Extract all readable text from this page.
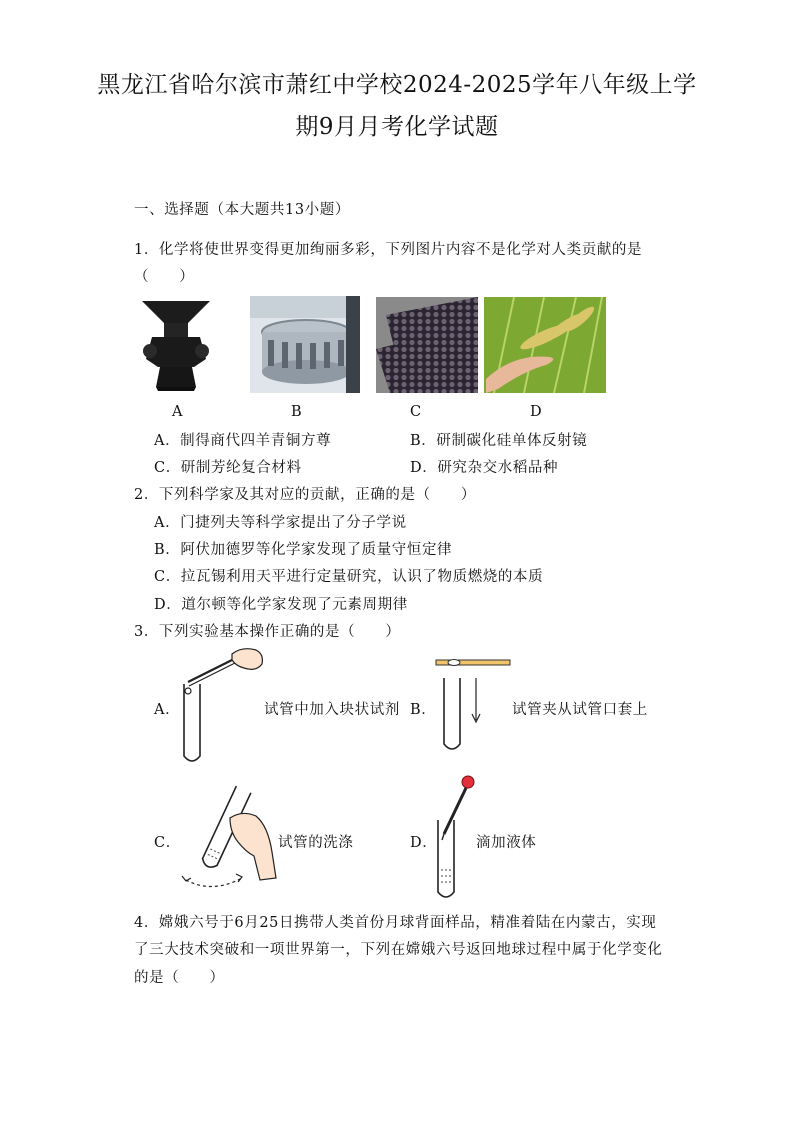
黑龙江省哈尔滨市萧红中学校2024-2025学年八年级上学
期9月月考化学试题
一、选择题（本大题共13小题）
1．化学将使世界变得更加绚丽多彩，下列图片内容不是化学对人类贡献的是
（　　）
A	B	C	D
A．制得商代四羊青铜方尊	B．研制碳化硅单体反射镜
C．研制芳纶复合材料	D．研究杂交水稻品种
2．下列科学家及其对应的贡献，正确的是（　　）
A．门捷列夫等科学家提出了分子学说
B．阿伏加德罗等化学家发现了质量守恒定律
C．拉瓦锡利用天平进行定量研究，认识了物质燃烧的本质
D．道尔顿等化学家发现了元素周期律
3．下列实验基本操作正确的是（　　）
A．	试管中加入块状试剂 B．	试管夹从试管口套上
C．	试管的洗涤	D．	滴加液体
4．嫦娥六号于6月25日携带人类首份月球背面样品，精准着陆在内蒙古，实现
了三大技术突破和一项世界第一，下列在嫦娥六号返回地球过程中属于化学变化
的是（　　）
